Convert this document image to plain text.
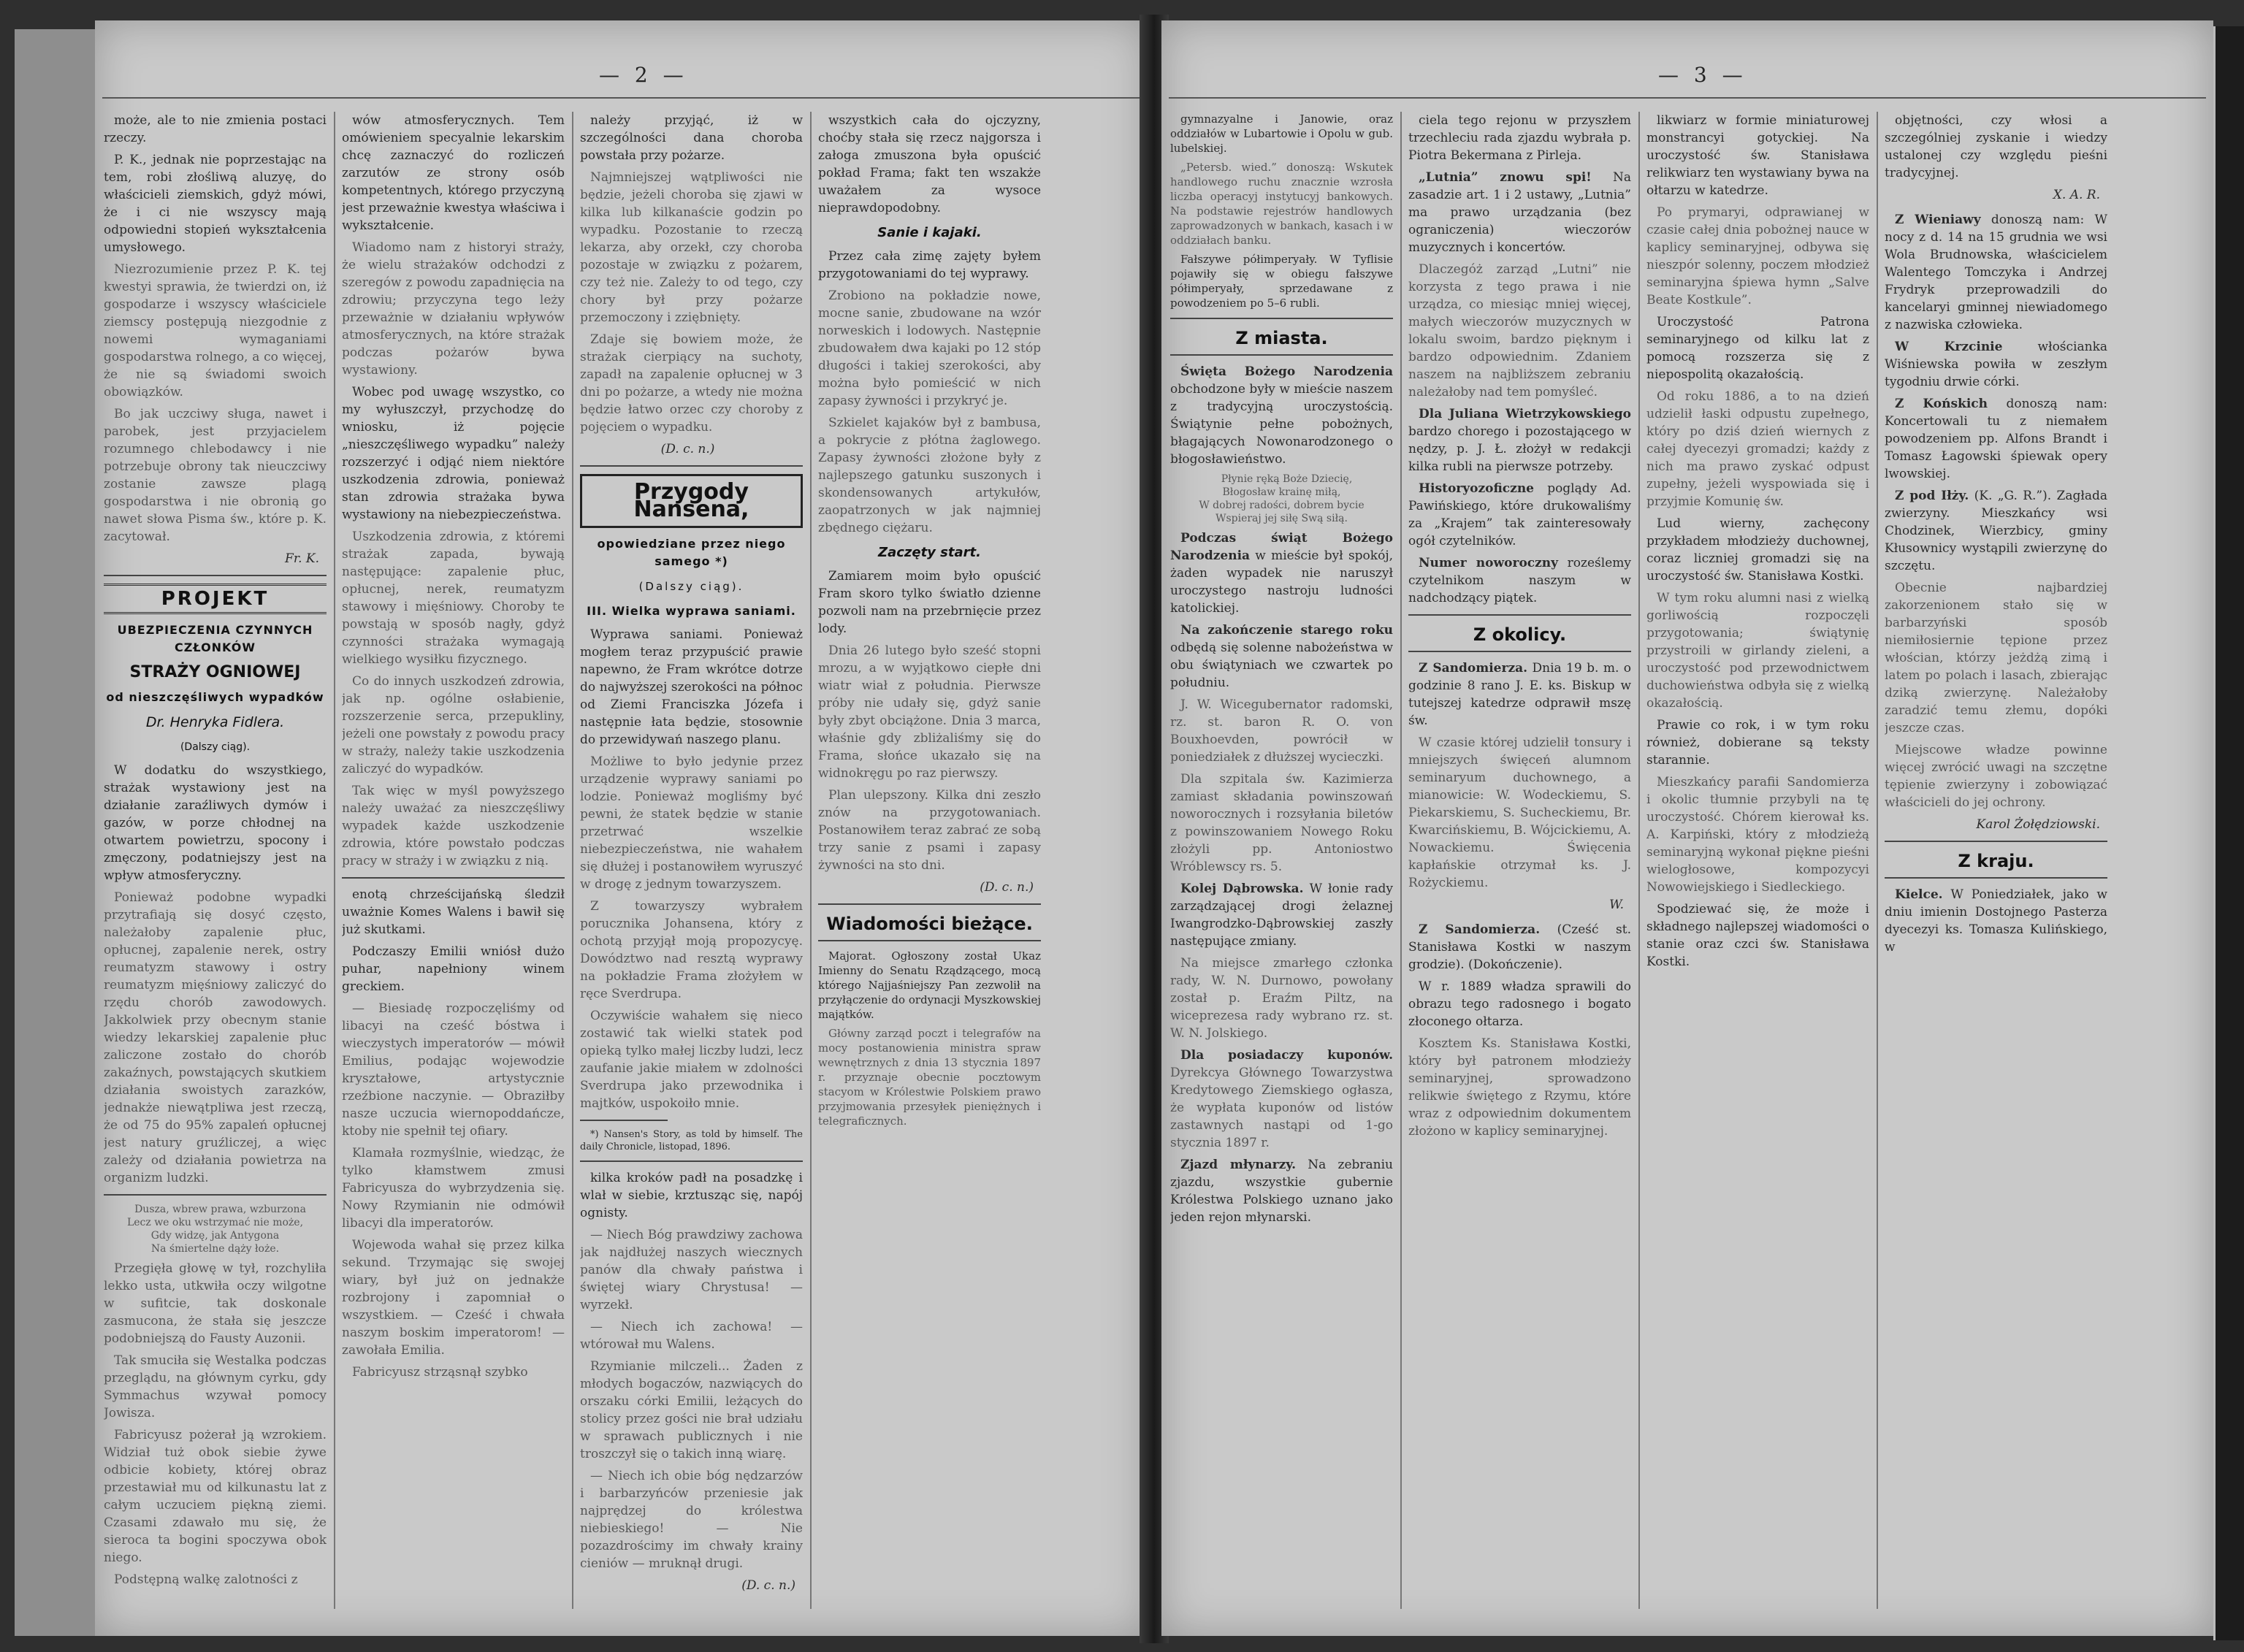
— 2 —

może, ale to nie zmienia postaci rzeczy.

P. K., jednak nie poprzestając na tem, robi złośliwą aluzyę, do właścicieli ziemskich, gdyż mówi, że i ci nie wszyscy mają odpowiedni stopień wykształcenia umysłowego.

Niezrozumienie przez P. K. tej kwestyi sprawia, że twierdzi on, iż gospodarze i wszyscy właściciele ziemscy postępują niezgodnie z nowemi wymaganiami gospodarstwa rolnego, a co więcej, że nie są świadomi swoich obowiązków.

Bo jak uczciwy sługa, nawet i parobek, jest przyjacielem rozumnego chlebodawcy i nie potrzebuje obrony tak nieuczciwy zostanie zawsze plagą gospodarstwa i nie obronią go nawet słowa Pisma św., które p. K. zacytował.

Fr. K.
PROJEKT
UBEZPIECZENIA CZYNNYCH CZŁONKÓW
STRAŻY OGNIOWEJ
od nieszczęśliwych wypadków
Dr. Henryka Fidlera.
(Dalszy ciąg).

W dodatku do wszystkiego, strażak wystawiony jest na działanie zaraźliwych dymów i gazów, w porze chłodnej na otwartem powietrzu, spocony i zmęczony, podatniejszy jest na wpływ atmosferyczny.

Ponieważ podobne wypadki przytrafiają się dosyć często, należałoby zapalenie płuc, opłucnej, zapalenie nerek, ostry reumatyzm stawowy i ostry reumatyzm mięśniowy zaliczyć do rzędu chorób zawodowych. Jakkolwiek przy obecnym stanie wiedzy lekarskiej zapalenie płuc zaliczone zostało do chorób zakaźnych, powstających skutkiem działania swoistych zarazków, jednakże niewątpliwa jest rzeczą, że od 75 do 95% zapaleń opłucnej jest natury gruźliczej, a więc zależy od działania powietrza na organizm ludzki.

Dusza, wbrew prawa, wzburzona
Lecz we oku wstrzymać nie może,
Gdy widzę, jak Antygona
Na śmiertelne dąży łoże.

Przegięła głowę w tył, rozchyliła lekko usta, utkwiła oczy wilgotne w sufitcie, tak doskonale zasmucona, że stała się jeszcze podobniejszą do Fausty Auzonii.

Tak smuciła się Westalka podczas przeglądu, na głównym cyrku, gdy Symmachus wzywał pomocy Jowisza.

Fabricyusz pożerał ją wzrokiem. Widział tuż obok siebie żywe odbicie kobiety, której obraz przestawiał mu od kilkunastu lat z całym uczuciem piękną ziemi. Czasami zdawało mu się, że sieroca ta bogini spoczywa obok niego.

Podstępną walkę zalotności z

wów atmosferycznych. Tem omówieniem specyalnie lekarskim chcę zaznaczyć do rozliczeń zarzutów ze strony osób kompetentnych, którego przyczyną jest przeważnie kwestya właściwa i wykształcenie.

Wiadomo nam z historyi straży, że wielu strażaków odchodzi z szeregów z powodu zapadnięcia na zdrowiu; przyczyna tego leży przeważnie w działaniu wpływów atmosferycznych, na które strażak podczas pożarów bywa wystawiony.

Wobec pod uwagę wszystko, co my wyłuszczył, przychodzę do wniosku, iż pojęcie „nieszczęśliwego wypadku” należy rozszerzyć i odjąć niem niektóre uszkodzenia zdrowia, ponieważ stan zdrowia strażaka bywa wystawiony na niebezpieczeństwa.

Uszkodzenia zdrowia, z któremi strażak zapada, bywają następujące: zapalenie płuc, opłucnej, nerek, reumatyzm stawowy i mięśniowy. Choroby te powstają w sposób nagły, gdyż czynności strażaka wymagają wielkiego wysiłku fizycznego.

Co do innych uszkodzeń zdrowia, jak np. ogólne osłabienie, rozszerzenie serca, przepukliny, jeżeli one powstały z powodu pracy w straży, należy takie uszkodzenia zaliczyć do wypadków.

Tak więc w myśl powyższego należy uważać za nieszczęśliwy wypadek każde uszkodzenie zdrowia, które powstało podczas pracy w straży i w związku z nią.

enotą chrześcijańską śledził uważnie Komes Walens i bawił się już skutkami.

Podczaszy Emilii wniósł dużo puhar, napełniony winem greckiem.

— Biesiadę rozpoczęliśmy od libacyi na cześć bóstwa i wieczystych imperatorów — mówił Emilius, podając wojewodzie kryształowe, artystycznie rzeźbione naczynie. — Obraziłby nasze uczucia wiernopoddańcze, ktoby nie spełnił tej ofiary.

Klamała rozmyślnie, wiedząc, że tylko kłamstwem zmusi Fabricyusza do wybrzydzenia się. Nowy Rzymianin nie odmówił libacyi dla imperatorów.

Wojewoda wahał się przez kilka sekund. Trzymając się swojej wiary, był już on jednakże rozbrojony i zapomniał o wszystkiem. — Cześć i chwała naszym boskim imperatorom! — zawołała Emilia.

Fabricyusz strząsnął szybko

należy przyjąć, iż w szczególności dana choroba powstała przy pożarze.

Najmniejszej wątpliwości nie będzie, jeżeli choroba się zjawi w kilka lub kilkanaście godzin po wypadku. Pozostanie to rzeczą lekarza, aby orzekł, czy choroba pozostaje w związku z pożarem, czy też nie. Zależy to od tego, czy chory był przy pożarze przemoczony i zziębnięty.

Zdaje się bowiem może, że strażak cierpiący na suchoty, zapadł na zapalenie opłucnej w 3 dni po pożarze, a wtedy nie można będzie łatwo orzec czy choroby z pojęciem o wypadku.

(D. c. n.)
Przygody Nansena,
opowiedziane przez niego samego *)
(Dalszy ciąg).
III. Wielka wyprawa saniami.

Wyprawa saniami. Ponieważ mogłem teraz przypuścić prawie napewno, że Fram wkrótce dotrze do najwyższej szerokości na północ od Ziemi Franciszka Józefa i następnie łata będzie, stosownie do przewidywań naszego planu.

Możliwe to było jedynie przez urządzenie wyprawy saniami po lodzie. Ponieważ mogliśmy być pewni, że statek będzie w stanie przetrwać wszelkie niebezpieczeństwa, nie wahałem się dłużej i postanowiłem wyruszyć w drogę z jednym towarzyszem.

Z towarzyszy wybrałem porucznika Johansena, który z ochotą przyjął moją propozycyę. Dowództwo nad resztą wyprawy na pokładzie Frama złożyłem w ręce Sverdrupa.

Oczywiście wahałem się nieco zostawić tak wielki statek pod opieką tylko małej liczby ludzi, lecz zaufanie jakie miałem w zdolności Sverdrupa jako przewodnika i majtków, uspokoiło mnie.

*) Nansen's Story, as told by himself. The daily Chronicle, listopad, 1896.

kilka kroków padł na posadzkę i wlał w siebie, krztusząc się, napój ognisty.

— Niech Bóg prawdziwy zachowa jak najdłużej naszych wiecznych panów dla chwały państwa i świętej wiary Chrystusa! — wyrzekł.

— Niech ich zachowa! — wtórował mu Walens.

Rzymianie milczeli... Żaden z młodych bogaczów, nazwiących do orszaku córki Emilii, leżących do stolicy przez gości nie brał udziału w sprawach publicznych i nie troszczył się o takich inną wiarę.

— Niech ich obie bóg nędzarzów i barbarzyńców przeniesie jak najprędzej do królestwa niebieskiego! — Nie pozazdrościmy im chwały krainy cieniów — mruknął drugi.

(D. c. n.)

wszystkich cała do ojczyzny, choćby stała się rzecz najgorsza i załoga zmuszona była opuścić pokład Frama; fakt ten wszakże uważałem za wysoce nieprawdopodobny.

Sanie i kajaki.

Przez cała zimę zajęty byłem przygotowaniami do tej wyprawy.

Zrobiono na pokładzie nowe, mocne sanie, zbudowane na wzór norweskich i lodowych. Następnie zbudowałem dwa kajaki po 12 stóp długości i takiej szerokości, aby można było pomieścić w nich zapasy żywności i przykryć je.

Szkielet kajaków był z bambusa, a pokrycie z płótna żaglowego. Zapasy żywności złożone były z najlepszego gatunku suszonych i skondensowanych artykułów, zaopatrzonych w jak najmniej zbędnego ciężaru.

Zaczęty start.

Zamiarem moim było opuścić Fram skoro tylko światło dzienne pozwoli nam na przebrnięcie przez lody.

Dnia 26 lutego było sześć stopni mrozu, a w wyjątkowo ciepłe dni wiatr wiał z południa. Pierwsze próby nie udały się, gdyż sanie były zbyt obciążone. Dnia 3 marca, właśnie gdy zbliżaliśmy się do Frama, słońce ukazało się na widnokręgu po raz pierwszy.

Plan ulepszony. Kilka dni zeszło znów na przygotowaniach. Postanowiłem teraz zabrać ze sobą trzy sanie z psami i zapasy żywności na sto dni.

(D. c. n.)
Wiadomości bieżące.

Majorat. Ogłoszony został Ukaz Imienny do Senatu Rządzącego, mocą którego Najjaśniejszy Pan zezwolił na przyłączenie do ordynacji Myszkowskiej majątków.

Główny zarząd poczt i telegrafów na mocy postanowienia ministra spraw wewnętrznych z dnia 13 stycznia 1897 r. przyznaje obecnie pocztowym stacyom w Królestwie Polskiem prawo przyjmowania przesyłek pieniężnych i telegraficznych.

— 3 —

gymnazyalne i Janowie, oraz oddziałów w Lubartowie i Opolu w gub. lubelskiej.

„Petersb. wied.” donoszą: Wskutek handlowego ruchu znacznie wzrosła liczba operacyj instytucyj bankowych. Na podstawie rejestrów handlowych zaprowadzonych w bankach, kasach i w oddziałach banku.

Fałszywe półimperyały. W Tyflisie pojawiły się w obiegu fałszywe półimperyały, sprzedawane z powodzeniem po 5–6 rubli.

Z miasta.

Święta Bożego Narodzenia obchodzone były w mieście naszem z tradycyjną uroczystością. Świątynie pełne pobożnych, błagających Nowonarodzonego o błogosławieństwo.

Płynie ręką Boże Dziecię,
Błogosław krainę miłą,
W dobrej radości, dobrem bycie
Wspieraj jej siłę Swą siłą.

Podczas świąt Bożego Narodzenia w mieście był spokój, żaden wypadek nie naruszył uroczystego nastroju ludności katolickiej.

Na zakończenie starego roku odbędą się solenne nabożeństwa w obu świątyniach we czwartek po południu.

J. W. Wicegubernator radomski, rz. st. baron R. O. von Bouxhoevden, powrócił w poniedziałek z dłuższej wycieczki.

Dla szpitala św. Kazimierza zamiast składania powinszowań noworocznych i rozsyłania biletów z powinszowaniem Nowego Roku złożyli pp. Antoniostwo Wróblewscy rs. 5.

Kolej Dąbrowska. W łonie rady zarządzającej drogi żelaznej Iwangrodzko-Dąbrowskiej zaszły następujące zmiany.

Na miejsce zmarłego członka rady, W. N. Durnowo, powołany został p. Eraźm Piltz, na wiceprezesa rady wybrano rz. st. W. N. Jolskiego.

Dla posiadaczy kuponów. Dyrekcya Głównego Towarzystwa Kredytowego Ziemskiego ogłasza, że wypłata kuponów od listów zastawnych nastąpi od 1-go stycznia 1897 r.

Zjazd młynarzy. Na zebraniu zjazdu, wszystkie gubernie Królestwa Polskiego uznano jako jeden rejon młynarski.

ciela tego rejonu w przyszłem trzechleciu rada zjazdu wybrała p. Piotra Bekermana z Pirleja.

„Lutnia” znowu spi! Na zasadzie art. 1 i 2 ustawy, „Lutnia” ma prawo urządzania (bez ograniczenia) wieczorów muzycznych i koncertów.

Dlaczegóż zarząd „Lutni” nie korzysta z tego prawa i nie urządza, co miesiąc mniej więcej, małych wieczorów muzycznych w lokalu swoim, bardzo pięknym i bardzo odpowiednim. Zdaniem naszem na najbliższem zebraniu należałoby nad tem pomyśleć.

Dla Juliana Wietrzykowskiego bardzo chorego i pozostającego w nędzy, p. J. Ł. złożył w redakcji kilka rubli na pierwsze potrzeby.

Historyozoficzne poglądy Ad. Pawińskiego, które drukowaliśmy za „Krajem” tak zainteresowały ogół czytelników.

Numer noworoczny roześlemy czytelnikom naszym w nadchodzący piątek.

Z okolicy.

Z Sandomierza. Dnia 19 b. m. o godzinie 8 rano J. E. ks. Biskup w tutejszej katedrze odprawił mszę św.

W czasie której udzielił tonsury i mniejszych święceń alumnom seminaryum duchownego, a mianowicie: W. Wodeckiemu, S. Piekarskiemu, S. Sucheckiemu, Br. Kwarcińskiemu, B. Wójcickiemu, A. Nowackiemu. Święcenia kapłańskie otrzymał ks. J. Rożyckiemu.

W.

Z Sandomierza. (Cześć st. Stanisława Kostki w naszym grodzie). (Dokończenie).

W r. 1889 władza sprawili do obrazu tego radosnego i bogato złoconego ołtarza.

Kosztem Ks. Stanisława Kostki, który był patronem młodzieży seminaryjnej, sprowadzono relikwie świętego z Rzymu, które wraz z odpowiednim dokumentem złożono w kaplicy seminaryjnej.

likwiarz w formie miniaturowej monstrancyi gotyckiej. Na uroczystość św. Stanisława relikwiarz ten wystawiany bywa na ołtarzu w katedrze.

Po prymaryi, odprawianej w czasie całej dnia pobożnej nauce w kaplicy seminaryjnej, odbywa się nieszpór solenny, poczem młodzież seminaryjna śpiewa hymn „Salve Beate Kostkule”.

Uroczystość Patrona seminaryjnego od kilku lat z pomocą rozszerza się z niepospolitą okazałością.

Od roku 1886, a to na dzień udzielił łaski odpustu zupełnego, który po dziś dzień wiernych z całej dyecezyi gromadzi; każdy z nich ma prawo zyskać odpust zupełny, jeżeli wyspowiada się i przyjmie Komunię św.

Lud wierny, zachęcony przykładem młodzieży duchownej, coraz liczniej gromadzi się na uroczystość św. Stanisława Kostki.

W tym roku alumni nasi z wielką gorliwością rozpoczęli przygotowania; świątynię przystroili w girlandy zieleni, a uroczystość pod przewodnictwem duchowieństwa odbyła się z wielką okazałością.

Prawie co rok, i w tym roku również, dobierane są teksty starannie.

Mieszkańcy parafii Sandomierza i okolic tłumnie przybyli na tę uroczystość. Chórem kierował ks. A. Karpiński, który z młodzieżą seminaryjną wykonał piękne pieśni wielogłosowe, kompozycyi Nowowiejskiego i Siedleckiego.

Spodziewać się, że może i składnego najlepszej wiadomości o stanie oraz czci św. Stanisława Kostki.

objętności, czy włosi a szczególniej zyskanie i wiedzy ustalonej czy względu pieśni tradycyjnej.

X. A. R.

Z Wieniawy donoszą nam: W nocy z d. 14 na 15 grudnia we wsi Wola Brudnowska, właścicielem Walentego Tomczyka i Andrzej Frydryk przeprowadzili do kancelaryi gminnej niewiadomego z nazwiska człowieka.

W Krzcinie	włościanka Wiśniewska powiła w zeszłym tygodniu drwie córki.

Z Końskich donoszą nam: Koncertowali tu z niemałem powodzeniem pp. Alfons Brandt i Tomasz Łagowski śpiewak opery lwowskiej.

Z pod Iłży. (K. „G. R.”). Zagłada zwierzyny. Mieszkańcy wsi Chodzinek, Wierzbicy, gminy Kłusownicy wystąpili zwierzynę do szczętu.

Obecnie najbardziej zakorzenionem stało się w barbarzyński sposób niemiłosiernie tępione przez włościan, którzy jeżdżą zimą i latem po polach i lasach, zbierając dziką zwierzynę. Należałoby zaradzić temu złemu, dopóki jeszcze czas.

Miejscowe władze powinne więcej zwrócić uwagi na szczętne tępienie zwierzyny i zobowiązać właścicieli do jej ochrony.

Karol Żołędziowski.
Z kraju.

Kielce. W Poniedziałek, jako w dniu imienin Dostojnego Pasterza dyecezyi ks. Tomasza Kulińskiego, w
